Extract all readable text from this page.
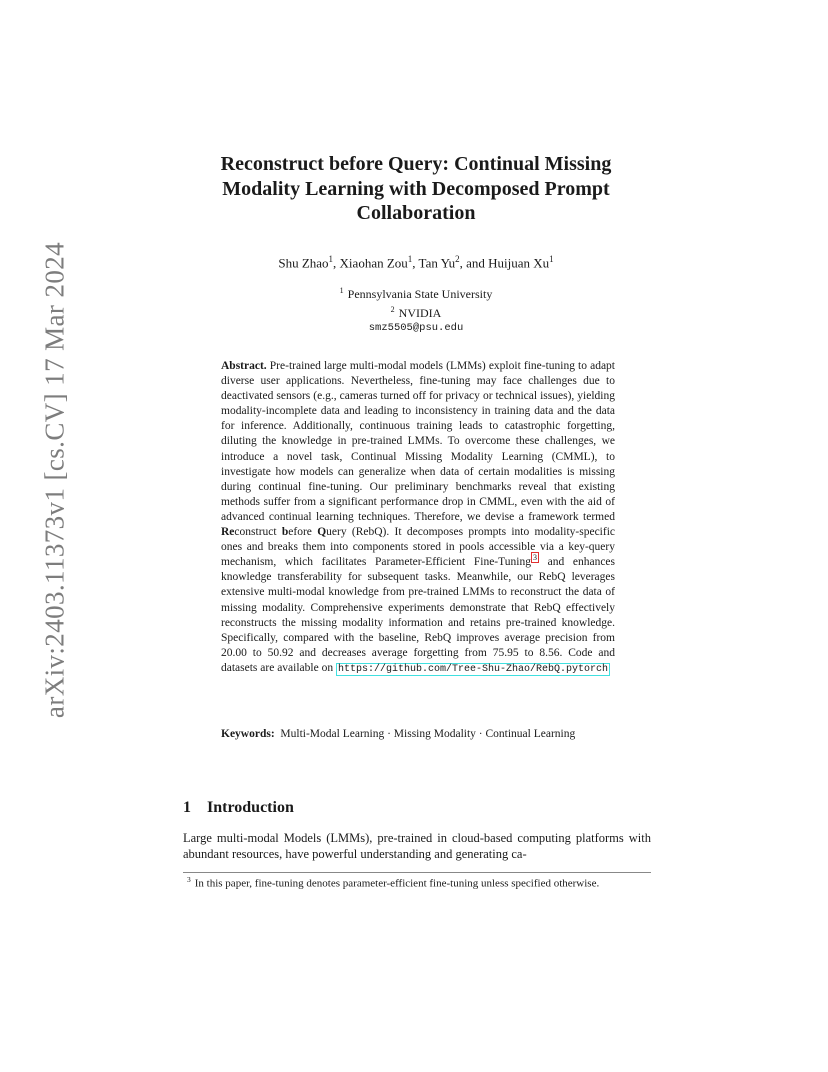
arXiv:2403.11373v1 [cs.CV] 17 Mar 2024
Reconstruct before Query: Continual Missing
Modality Learning with Decomposed Prompt
Collaboration
Shu Zhao$^1$, Xiaohan Zou$^1$, Tan Yu$^2$, and Huijuan Xu$^1$
$^1$ Pennsylvania State University
$^2$ NVIDIA
smz5505@psu.edu

Abstract. Pre-trained large multi-modal models (LMMs) exploit fine-tuning to adapt diverse user applications. Nevertheless, fine-tuning may face challenges due to deactivated sensors (e.g., cameras turned off for privacy or technical issues), yielding modality-incomplete data and leading to inconsistency in training data and the data for inference. Additionally, continuous training leads to catastrophic forgetting, diluting the knowledge in pre-trained LMMs. To overcome these challenges, we introduce a novel task, Continual Missing Modality Learning (CMML), to investigate how models can generalize when data of certain modalities is missing during continual fine-tuning. Our preliminary benchmarks reveal that existing methods suffer from a significant performance drop in CMML, even with the aid of advanced continual learning techniques. Therefore, we devise a framework termed Reconstruct before Query (RebQ). It decomposes prompts into modality-specific ones and breaks them into components stored in pools accessible via a key-query mechanism, which facilitates Parameter-Efficient Fine-Tuning $^3$ and enhances knowledge transferability for subsequent tasks. Meanwhile, our RebQ leverages extensive multi-modal knowledge from pre-trained LMMs to reconstruct the data of missing modality. Comprehensive experiments demonstrate that RebQ effectively reconstructs the missing modality information and retains pre-trained knowledge. Specifically, compared with the baseline, RebQ improves average precision from 20.00 to 50.92 and decreases average forgetting from 75.95 to 8.56. Code and datasets are available on https://github.com/Tree-Shu-Zhao/RebQ.pytorch

Keywords: Multi-Modal Learning · Missing Modality · Continual Learning

1 Introduction

Large multi-modal Models (LMMs), pre-trained in cloud-based computing platforms with abundant resources, have powerful understanding and generating ca-

$^3$ In this paper, fine-tuning denotes parameter-efficient fine-tuning unless specified otherwise.
